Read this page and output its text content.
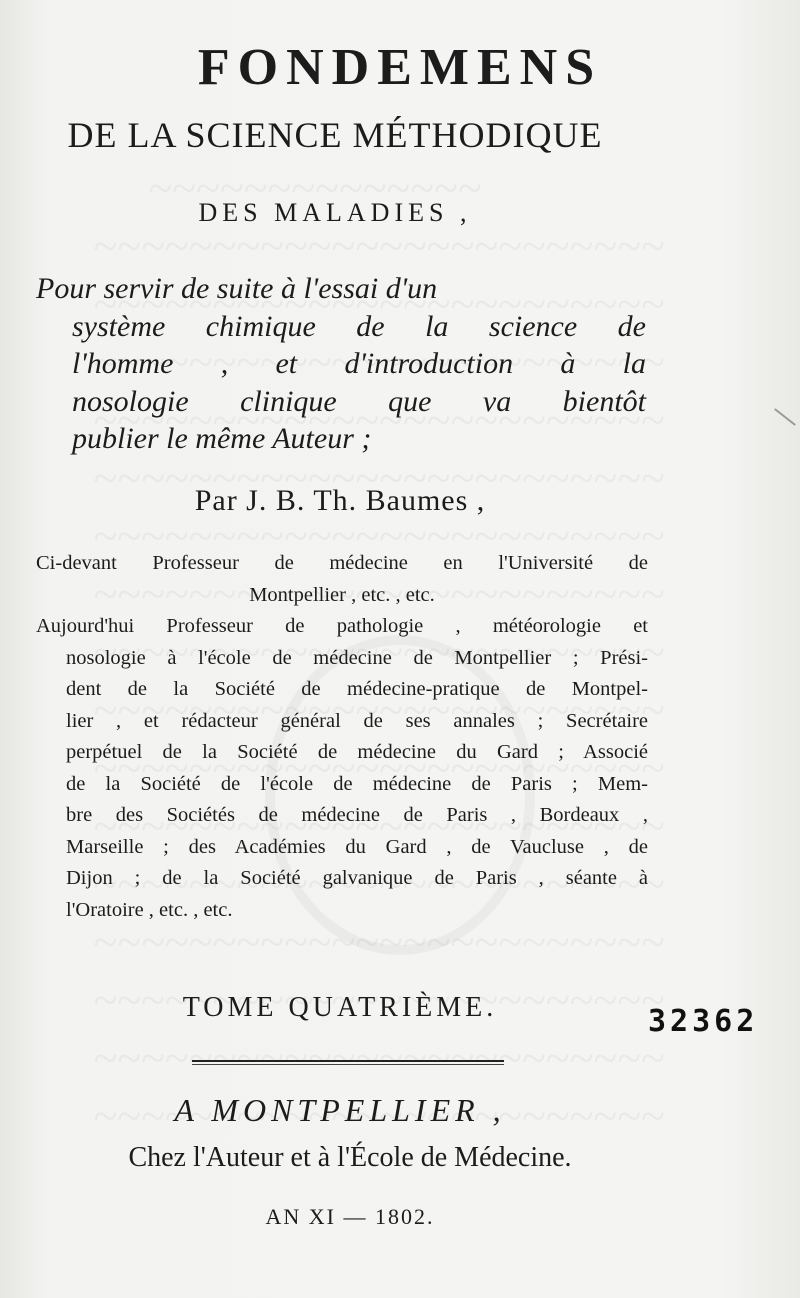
FONDEMENS
DE LA SCIENCE MÉTHODIQUE
DES MALADIES ,

Pour servir de suite à l'essai d'un
système chimique de la science de
l'homme , et d'introduction à la
nosologie clinique que va bientôt
publier le même Auteur ;

Par J. B. Th. Baumes ,

Ci-devant Professeur de médecine en l'Université de
Montpellier , etc. , etc.
Aujourd'hui Professeur de pathologie , météorologie et
nosologie à l'école de médecine de Montpellier ; Prési-
dent de la Société de médecine-pratique de Montpel-
lier , et rédacteur général de ses annales ; Secrétaire
perpétuel de la Société de médecine du Gard ; Associé
de la Société de l'école de médecine de Paris ; Mem-
bre des Sociétés de médecine de Paris , Bordeaux ,
Marseille ; des Académies du Gard , de Vaucluse , de
Dijon ; de la Société galvanique de Paris , séante à
l'Oratoire , etc. , etc.

TOME QUATRIÈME.	32362

A MONTPELLIER ,

Chez l'Auteur et à l'École de Médecine.

AN XI — 1802.
